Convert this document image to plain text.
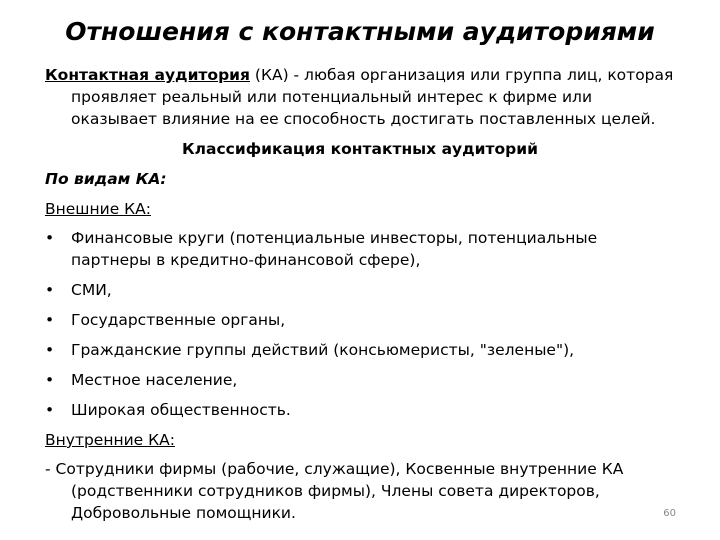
Отношения с контактными аудиториями

Контактная аудитория (КА) - любая организация или группа лиц, которая проявляет реальный или потенциальный интерес к фирме или оказывает влияние на ее способность достигать поставленных целей.

Классификация контактных аудиторий

По видам КА:

Внешние КА:

• Финансовые круги (потенциальные инвесторы, потенциальные партнеры в кредитно-финансовой сфере),
• СМИ,
• Государственные органы,
• Гражданские группы действий (консьюмеристы, "зеленые"),
• Местное население,
• Широкая общественность.

Внутренние КА:

- Сотрудники фирмы (рабочие, служащие), Косвенные внутренние КА (родственники сотрудников фирмы), Члены совета директоров, Добровольные помощники.	60
